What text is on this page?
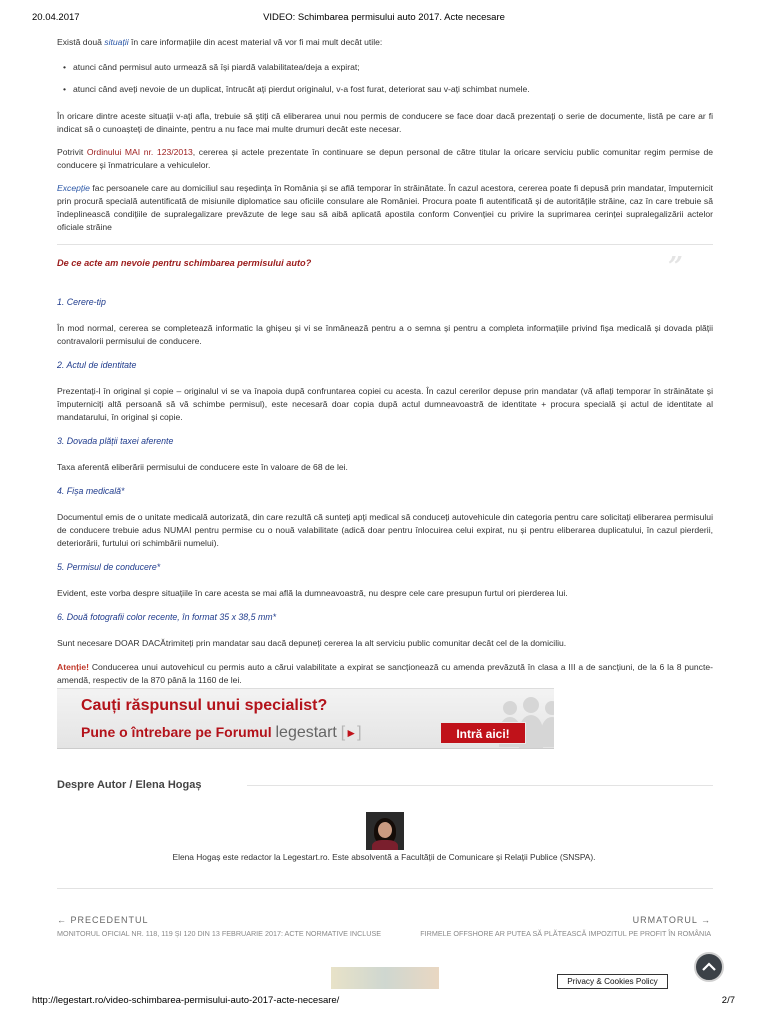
20.04.2017	VIDEO: Schimbarea permisului auto 2017. Acte necesare

Există două situații în care informațiile din acest material vă vor fi mai mult decât utile:

• atunci când permisul auto urmează să își piardă valabilitatea/deja a expirat;
• atunci când aveți nevoie de un duplicat, întrucât ați pierdut originalul, v-a fost furat, deteriorat sau v-ați schimbat numele.

În oricare dintre aceste situații v-ați afla, trebuie să știți că eliberarea unui nou permis de conducere se face doar dacă prezentați o serie de documente, listă pe care ar fi indicat să o cunoașteți de dinainte, pentru a nu face mai multe drumuri decât este necesar.

Potrivit Ordinului MAI nr. 123/2013, cererea și actele prezentate în continuare se depun personal de către titular la oricare serviciu public comunitar regim permise de conducere și înmatriculare a vehiculelor.

Excepție fac persoanele care au domiciliul sau reședința în România și se află temporar în străinătate. În cazul acestora, cererea poate fi depusă prin mandatar, împuternicit prin procură specială autentificată de misiunile diplomatice sau oficiile consulare ale României. Procura poate fi autentificată și de autoritățile străine, caz în care trebuie să îndeplinească condițiile de supralegalizare prevăzute de lege sau să aibă aplicată apostila conform Convenției cu privire la suprimarea cerinței supralegalizării actelor oficiale străine

De ce acte am nevoie pentru schimbarea permisului auto?	”
1. Cerere-tip

În mod normal, cererea se completează informatic la ghișeu și vi se înmânează pentru a o semna și pentru a completa informațiile privind fișa medicală și dovada plății contravalorii permisului de conducere.

2. Actul de identitate

Prezentați-l în original și copie – originalul vi se va înapoia după confruntarea copiei cu acesta. În cazul cererilor depuse prin mandatar (vă aflați temporar în străinătate și împuterniciți altă persoană să vă schimbe permisul), este necesară doar copia după actul dumneavoastră de identitate + procura specială și actul de identitate al mandatarului, în original și copie.

3. Dovada plății taxei aferente

Taxa aferentă eliberării permisului de conducere este în valoare de 68 de lei.

4. Fișa medicală*

Documentul emis de o unitate medicală autorizată, din care rezultă că sunteți apți medical să conduceți autovehicule din categoria pentru care solicitați eliberarea permisului de conducere trebuie adus NUMAI pentru permise cu o nouă valabilitate (adică doar pentru înlocuirea celui expirat, nu și pentru eliberarea duplicatului, în cazul pierderii, deteriorării, furtului ori schimbării numelui).

5. Permisul de conducere*

Evident, este vorba despre situațiile în care acesta se mai află la dumneavoastră, nu despre cele care presupun furtul ori pierderea lui.

6. Două fotografii color recente, în format 35 x 38,5 mm*

Sunt necesare DOAR DACĂtrimiteți prin mandatar sau dacă depuneți cererea la alt serviciu public comunitar decât cel de la domiciliu.

Atenție! Conducerea unui autovehicul cu permis auto a cărui valabilitate a expirat se sancționează cu amenda prevăzută în clasa a III a de sancțiuni, de la 6 la 8 puncte-amendă, respectiv de la 870 până la 1160 de lei.

Cauți răspunsul unui specialist?
Pune o întrebare pe Forumul legestart [►]	Intră aici!
Despre Autor / Elena Hogaș
Elena Hogaș este redactor la Legestart.ro. Este absolventă a Facultății de Comunicare și Relații Publice (SNSPA).
← PRECEDENTUL	URMATORUL →
MONITORUL OFICIAL NR. 118, 119 ȘI 120 DIN 13 FEBRUARIE 2017: ACTE NORMATIVE INCLUSE	FIRMELE OFFSHORE AR PUTEA SĂ PLĂTEASCĂ IMPOZITUL PE PROFIT ÎN ROMÂNIA
Privacy & Cookies Policy
http://legestart.ro/video-schimbarea-permisului-auto-2017-acte-necesare/	2/7
